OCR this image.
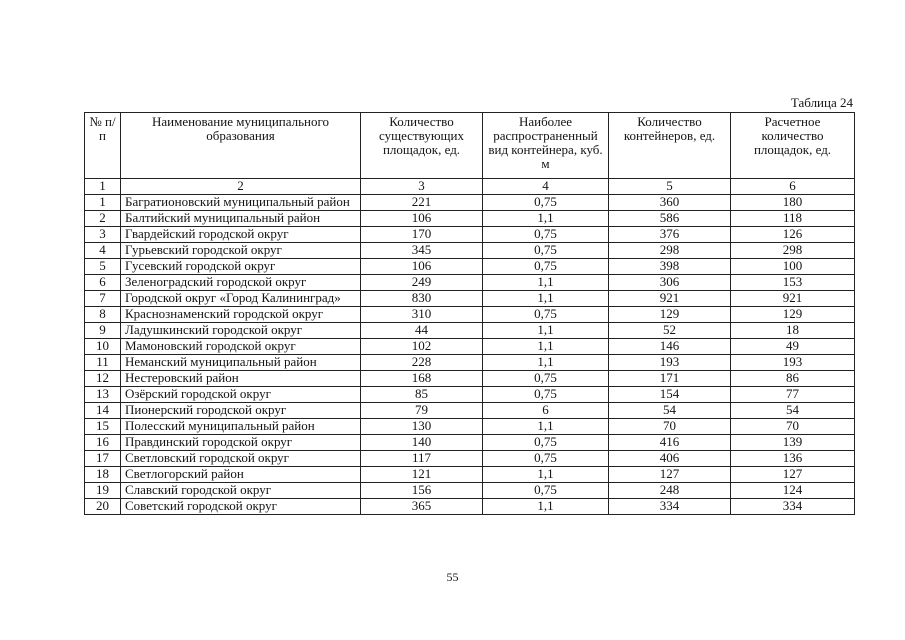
Таблица 24
№ п/п	Наименование муниципального образования	Количество существующих площадок, ед.	Наиболее распространенный вид контейнера, куб. м	Количество контейнеров, ед.	Расчетное количество площадок, ед.
1	2	3	4	5	6
1	Багратионовский муниципальный район	221	0,75	360	180
2	Балтийский муниципальный район	106	1,1	586	118
3	Гвардейский городской округ	170	0,75	376	126
4	Гурьевский городской округ	345	0,75	298	298
5	Гусевский городской округ	106	0,75	398	100
6	Зеленоградский городской округ	249	1,1	306	153
7	Городской округ «Город Калининград»	830	1,1	921	921
8	Краснознаменский городской округ	310	0,75	129	129
9	Ладушкинский городской округ	44	1,1	52	18
10	Мамоновский городской округ	102	1,1	146	49
11	Неманский муниципальный район	228	1,1	193	193
12	Нестеровский район	168	0,75	171	86
13	Озёрский городской округ	85	0,75	154	77
14	Пионерский городской округ	79	6	54	54
15	Полесский муниципальный район	130	1,1	70	70
16	Правдинский городской округ	140	0,75	416	139
17	Светловский городской округ	117	0,75	406	136
18	Светлогорский район	121	1,1	127	127
19	Славский городской округ	156	0,75	248	124
20	Советский городской округ	365	1,1	334	334
55
